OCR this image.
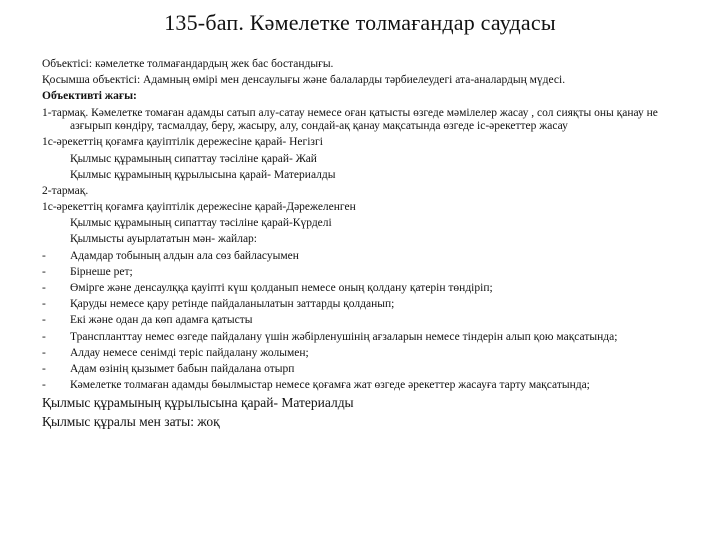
135-бап. Кәмелетке толмағандар саудасы
Объектісі: кәмелетке толмағандардың жек бас бостандығы.
Қосымша объектісі: Адамның өмірі мен денсаулығы және балаларды тәрбиелеудегі ата-аналардың мүдесі.
Объективті жағы:
1-тармақ. Кәмелетке томаған адамды сатып алу-сатау немесе оған қатысты өзгеде мәмілелер жасау , сол сияқты оны қанау не азғырып көндіру, тасмалдау, беру, жасыру, алу, сондай-ақ қанау мақсатында өзгеде іс-әрекеттер жасау
1с-әрекеттің қоғамға қауіптілік дережесіне қарай- Негізгі
Қылмыс құрамының сипаттау тәсіліне қарай- Жай
Қылмыс құрамының құрылысына қарай- Материалды
2-тармақ.
1с-әрекеттің қоғамға қауіптілік дережесіне қарай-Дәрежеленген
Қылмыс құрамының сипаттау тәсіліне қарай-Күрделі
Қылмысты ауырлататын мән- жайлар:
-	Адамдар тобының алдын ала сөз байласуымен
-	Бірнеше рет;
-	Өмірге және денсаулққа қауіпті күш қолданып немесе оның қолдану қатерін төндіріп;
-	Қаруды немесе қару ретінде пайдаланылатын заттарды қолданып;
-	Екі және одан да көп адамға қатысты
-	Транспланттау немес өзгеде пайдалану үшін жәбірленушінің ағзаларын немесе тіндерін алып қою мақсатында;
-	Алдау немесе сенімді теріс пайдалану жолымен;
-	Адам өзінің қызымет бабын пайдалана отырп
-	Кәмелетке толмаған адамды бөылмыстар немесе қоғамға жат өзгеде әрекеттер жасауға тарту мақсатында;
Қылмыс құрамының құрылысына қарай- Материалды
Қылмыс құралы мен заты: жоқ
